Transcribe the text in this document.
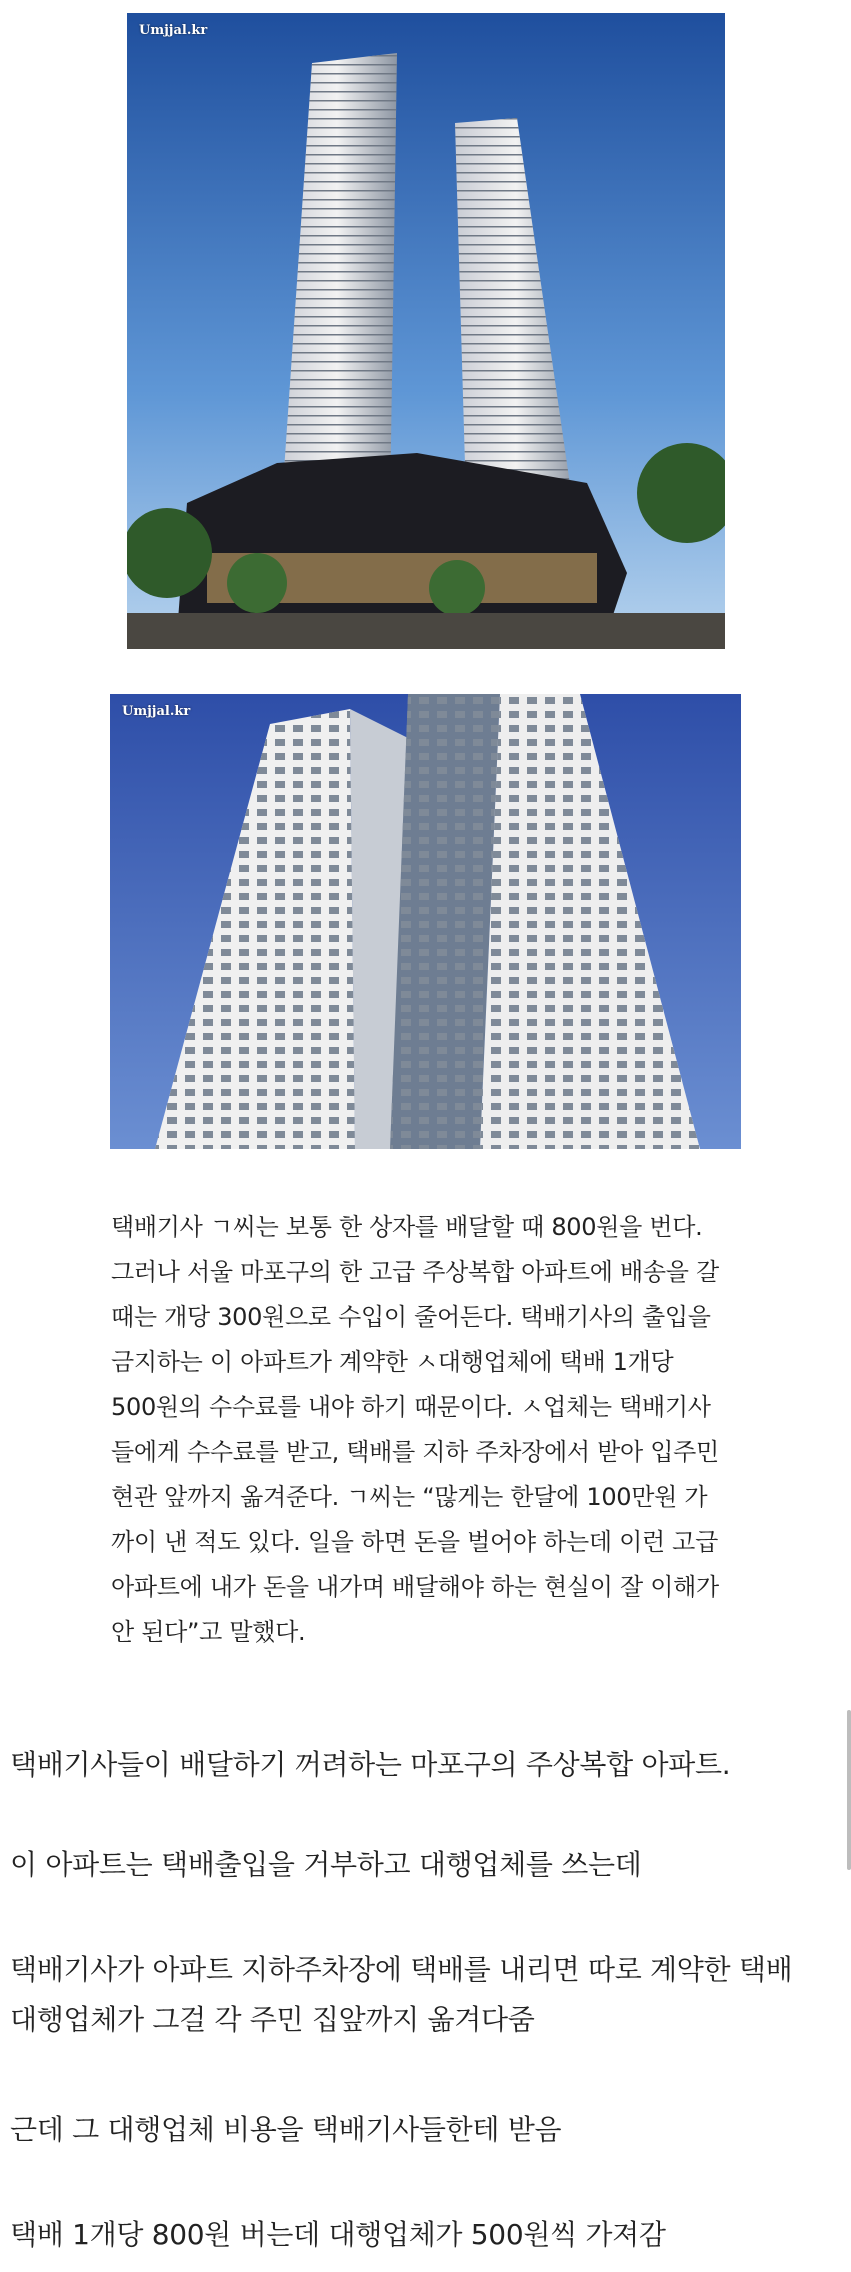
Umjjal.kr
Umjjal.kr

택배기사 ㄱ씨는 보통 한 상자를 배달할 때 800원을 번다.

그러나 서울 마포구의 한 고급 주상복합 아파트에 배송을 갈

때는 개당 300원으로 수입이 줄어든다. 택배기사의 출입을

금지하는 이 아파트가 계약한 ㅅ대행업체에 택배 1개당

500원의 수수료를 내야 하기 때문이다. ㅅ업체는 택배기사

들에게 수수료를 받고, 택배를 지하 주차장에서 받아 입주민

현관 앞까지 옮겨준다. ㄱ씨는 “많게는 한달에 100만원 가

까이 낸 적도 있다. 일을 하면 돈을 벌어야 하는데 이런 고급

아파트에 내가 돈을 내가며 배달해야 하는 현실이 잘 이해가

안 된다”고 말했다.

택배기사들이 배달하기 꺼려하는 마포구의 주상복합 아파트.

이 아파트는 택배출입을 거부하고 대행업체를 쓰는데

택배기사가 아파트 지하주차장에 택배를 내리면 따로 계약한 택배

대행업체가 그걸 각 주민 집앞까지 옮겨다줌

근데 그 대행업체 비용을 택배기사들한테 받음

택배 1개당 800원 버는데 대행업체가 500원씩 가져감
